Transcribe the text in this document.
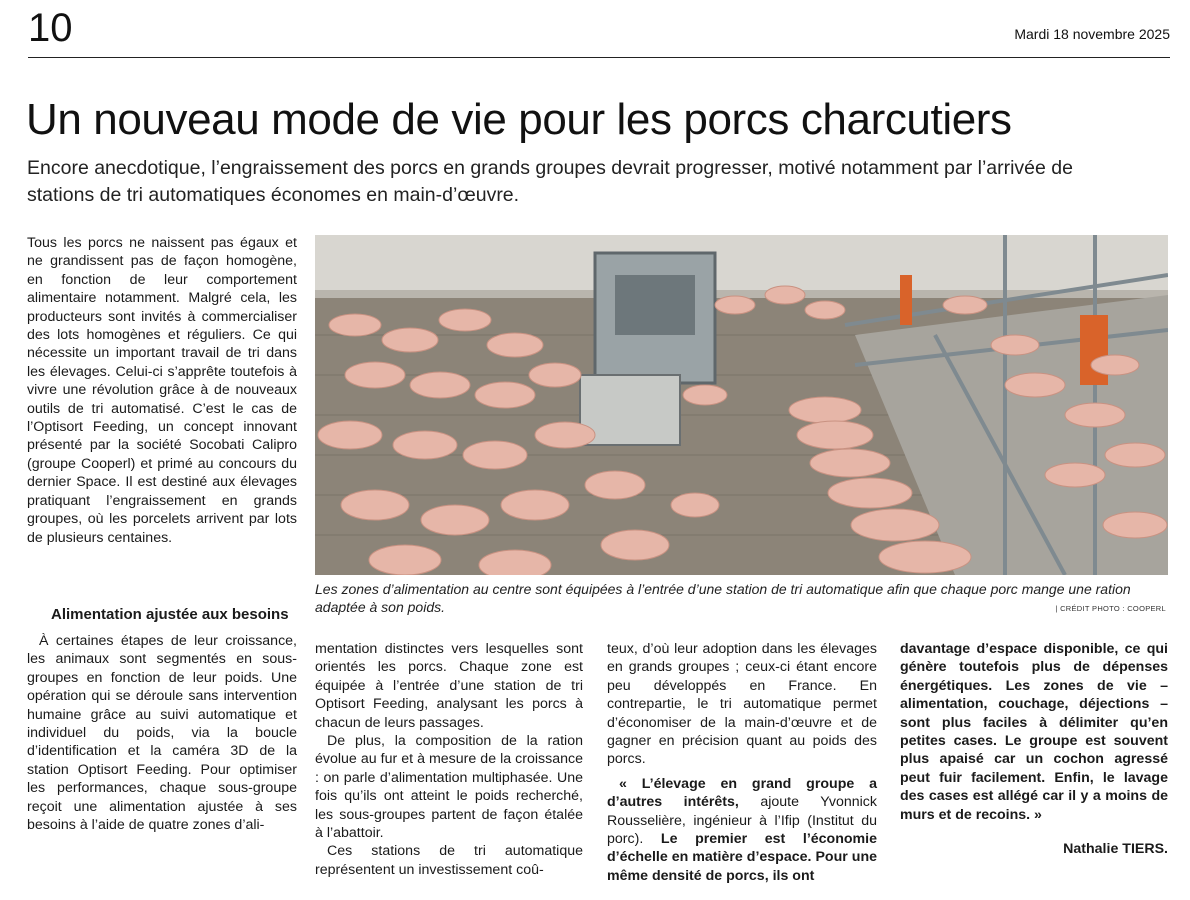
10	Mardi 18 novembre 2025
Un nouveau mode de vie pour les porcs charcutiers

Encore anecdotique, l’engraissement des porcs en grands groupes devrait progresser, motivé notamment par l’arrivée de stations de tri automatiques économes en main-d’œuvre.

Tous les porcs ne naissent pas égaux et ne grandissent pas de façon homogène, en fonction de leur comportement alimentaire notamment. Malgré cela, les producteurs sont invités à commercialiser des lots homogènes et réguliers. Ce qui nécessite un important travail de tri dans les élevages. Celui-ci s’apprête toutefois à vivre une révolution grâce à de nouveaux outils de tri automatisé. C’est le cas de l’Optisort Feeding, un concept innovant présenté par la société Socobati Calipro (groupe Cooperl) et primé au concours du dernier Space. Il est destiné aux élevages pratiquant l’engraissement en grands groupes, où les porcelets arrivent par lots de plusieurs centaines.

Alimentation ajustée aux besoins

À certaines étapes de leur croissance, les animaux sont segmentés en sous-groupes en fonction de leur poids. Une opération qui se déroule sans intervention humaine grâce au suivi automatique et individuel du poids, via la boucle d’identification et la caméra 3D de la station Optisort Feeding. Pour optimiser les performances, chaque sous-groupe reçoit une alimentation ajustée à ses besoins à l’aide de quatre zones d’ali-

Les zones d’alimentation au centre sont équipées à l’entrée d’une station de tri automatique afin que chaque porc mange une ration adaptée à son poids.	| CRÉDIT PHOTO : COOPERL

mentation distinctes vers lesquelles sont orientés les porcs. Chaque zone est équipée à l’entrée d’une station de tri Optisort Feeding, analysant les porcs à chacun de leurs passages.

De plus, la composition de la ration évolue au fur et à mesure de la croissance : on parle d’alimentation multiphasée. Une fois qu’ils ont atteint le poids recherché, les sous-groupes partent de façon étalée à l’abattoir.

Ces stations de tri automatique représentent un investissement coû-

teux, d’où leur adoption dans les élevages en grands groupes ; ceux-ci étant encore peu développés en France. En contrepartie, le tri automatique permet d’économiser de la main-d’œuvre et de gagner en précision quant au poids des porcs.

« L’élevage en grand groupe a d’autres intérêts, ajoute Yvonnick Rousselière, ingénieur à l’Ifip (Institut du porc). Le premier est l’économie d’échelle en matière d’espace. Pour une même densité de porcs, ils ont

davantage d’espace disponible, ce qui génère toutefois plus de dépenses énergétiques. Les zones de vie – alimentation, couchage, déjections – sont plus faciles à délimiter qu’en petites cases. Le groupe est souvent plus apaisé car un cochon agressé peut fuir facilement. Enfin, le lavage des cases est allégé car il y a moins de murs et de recoins. »

Nathalie TIERS.
